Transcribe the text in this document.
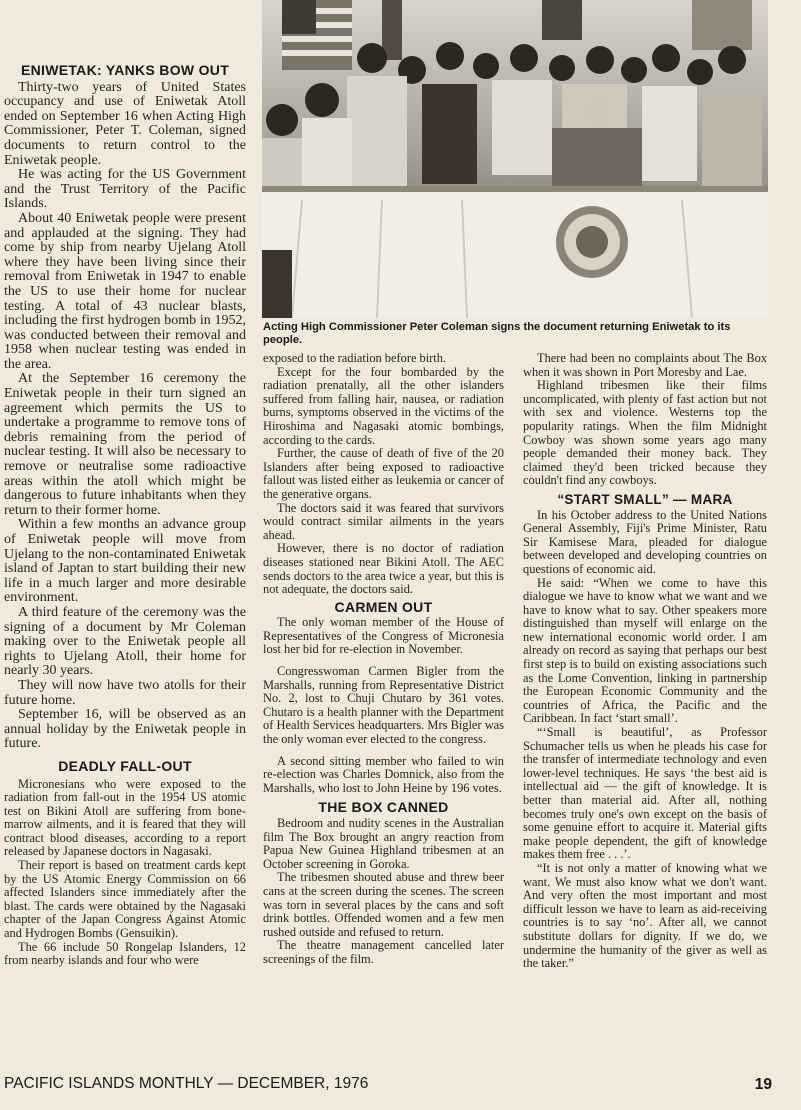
Acting High Commissioner Peter Coleman signs the document returning Eniwetak to its people.
ENIWETAK: YANKS BOW OUT

Thirty-two years of United States occupancy and use of Eniwetak Atoll ended on September 16 when Acting High Commissioner, Peter T. Coleman, signed documents to return control to the Eniwetak people.

He was acting for the US Government and the Trust Territory of the Pacific Islands.

About 40 Eniwetak people were present and applauded at the signing. They had come by ship from nearby Ujelang Atoll where they have been living since their removal from Eniwetak in 1947 to enable the US to use their home for nuclear testing. A total of 43 nuclear blasts, including the first hydrogen bomb in 1952, was conducted between their removal and 1958 when nuclear testing was ended in the area.

At the September 16 ceremony the Eniwetak people in their turn signed an agreement which permits the US to undertake a programme to remove tons of debris remaining from the period of nuclear testing. It will also be necessary to remove or neutralise some radioactive areas within the atoll which might be dangerous to future inhabitants when they return to their former home.

Within a few months an advance group of Eniwetak people will move from Ujelang to the non-contaminated Eniwetak island of Japtan to start building their new life in a much larger and more desirable environment.

A third feature of the ceremony was the signing of a document by Mr Coleman making over to the Eniwetak people all rights to Ujelang Atoll, their home for nearly 30 years.

They will now have two atolls for their future home.

September 16, will be observed as an annual holiday by the Eniwetak people in future.

DEADLY FALL-OUT

Micronesians who were exposed to the radiation from fall-out in the 1954 US atomic test on Bikini Atoll are suffering from bone-marrow ailments, and it is feared that they will contract blood diseases, according to a report released by Japanese doctors in Nagasaki.

Their report is based on treatment cards kept by the US Atomic Energy Commission on 66 affected Islanders since immediately after the blast. The cards were obtained by the Nagasaki chapter of the Japan Congress Against Atomic and Hydrogen Bombs (Gensuikin).

The 66 include 50 Rongelap Islanders, 12 from nearby islands and four who were

exposed to the radiation before birth.

Except for the four bombarded by the radiation prenatally, all the other islanders suffered from falling hair, nausea, or radiation burns, symptoms observed in the victims of the Hiroshima and Nagasaki atomic bombings, according to the cards.

Further, the cause of death of five of the 20 Islanders after being exposed to radioactive fallout was listed either as leukemia or cancer of the generative organs.

The doctors said it was feared that survivors would contract similar ailments in the years ahead.

However, there is no doctor of radiation diseases stationed near Bikini Atoll. The AEC sends doctors to the area twice a year, but this is not adequate, the doctors said.

CARMEN OUT

The only woman member of the House of Representatives of the Congress of Micronesia lost her bid for re-election in November.

Congresswoman Carmen Bigler from the Marshalls, running from Representative District No. 2, lost to Chuji Chutaro by 361 votes. Chutaro is a health planner with the Department of Health Services headquarters. Mrs Bigler was the only woman ever elected to the congress.

A second sitting member who failed to win re-election was Charles Domnick, also from the Marshalls, who lost to John Heine by 196 votes.

THE BOX CANNED

Bedroom and nudity scenes in the Australian film The Box brought an angry reaction from Papua New Guinea Highland tribesmen at an October screening in Goroka.

The tribesmen shouted abuse and threw beer cans at the screen during the scenes. The screen was torn in several places by the cans and soft drink bottles. Offended women and a few men rushed outside and refused to return.

The theatre management cancelled later screenings of the film.

There had been no complaints about The Box when it was shown in Port Moresby and Lae.

Highland tribesmen like their films uncomplicated, with plenty of fast action but not with sex and violence. Westerns top the popularity ratings. When the film Midnight Cowboy was shown some years ago many people demanded their money back. They claimed they'd been tricked because they couldn't find any cowboys.

“START SMALL” — MARA

In his October address to the United Nations General Assembly, Fiji's Prime Minister, Ratu Sir Kamisese Mara, pleaded for dialogue between developed and developing countries on questions of economic aid.

He said: “When we come to have this dialogue we have to know what we want and we have to know what to say. Other speakers more distinguished than myself will enlarge on the new international economic world order. I am already on record as saying that perhaps our best first step is to build on existing associations such as the Lome Convention, linking in partnership the European Economic Community and the countries of Africa, the Pacific and the Caribbean. In fact ‘start small’.

“‘Small is beautiful’, as Professor Schumacher tells us when he pleads his case for the transfer of intermediate technology and even lower-level techniques. He says ‘the best aid is intellectual aid — the gift of knowledge. It is better than material aid. After all, nothing becomes truly one's own except on the basis of some genuine effort to acquire it. Material gifts make people dependent, the gift of knowledge makes them free . . .’.

“It is not only a matter of knowing what we want. We must also know what we don't want. And very often the most important and most difficult lesson we have to learn as aid-receiving countries is to say ‘no’. After all, we cannot substitute dollars for dignity. If we do, we undermine the humanity of the giver as well as the taker.”

PACIFIC ISLANDS MONTHLY — DECEMBER, 1976	19
